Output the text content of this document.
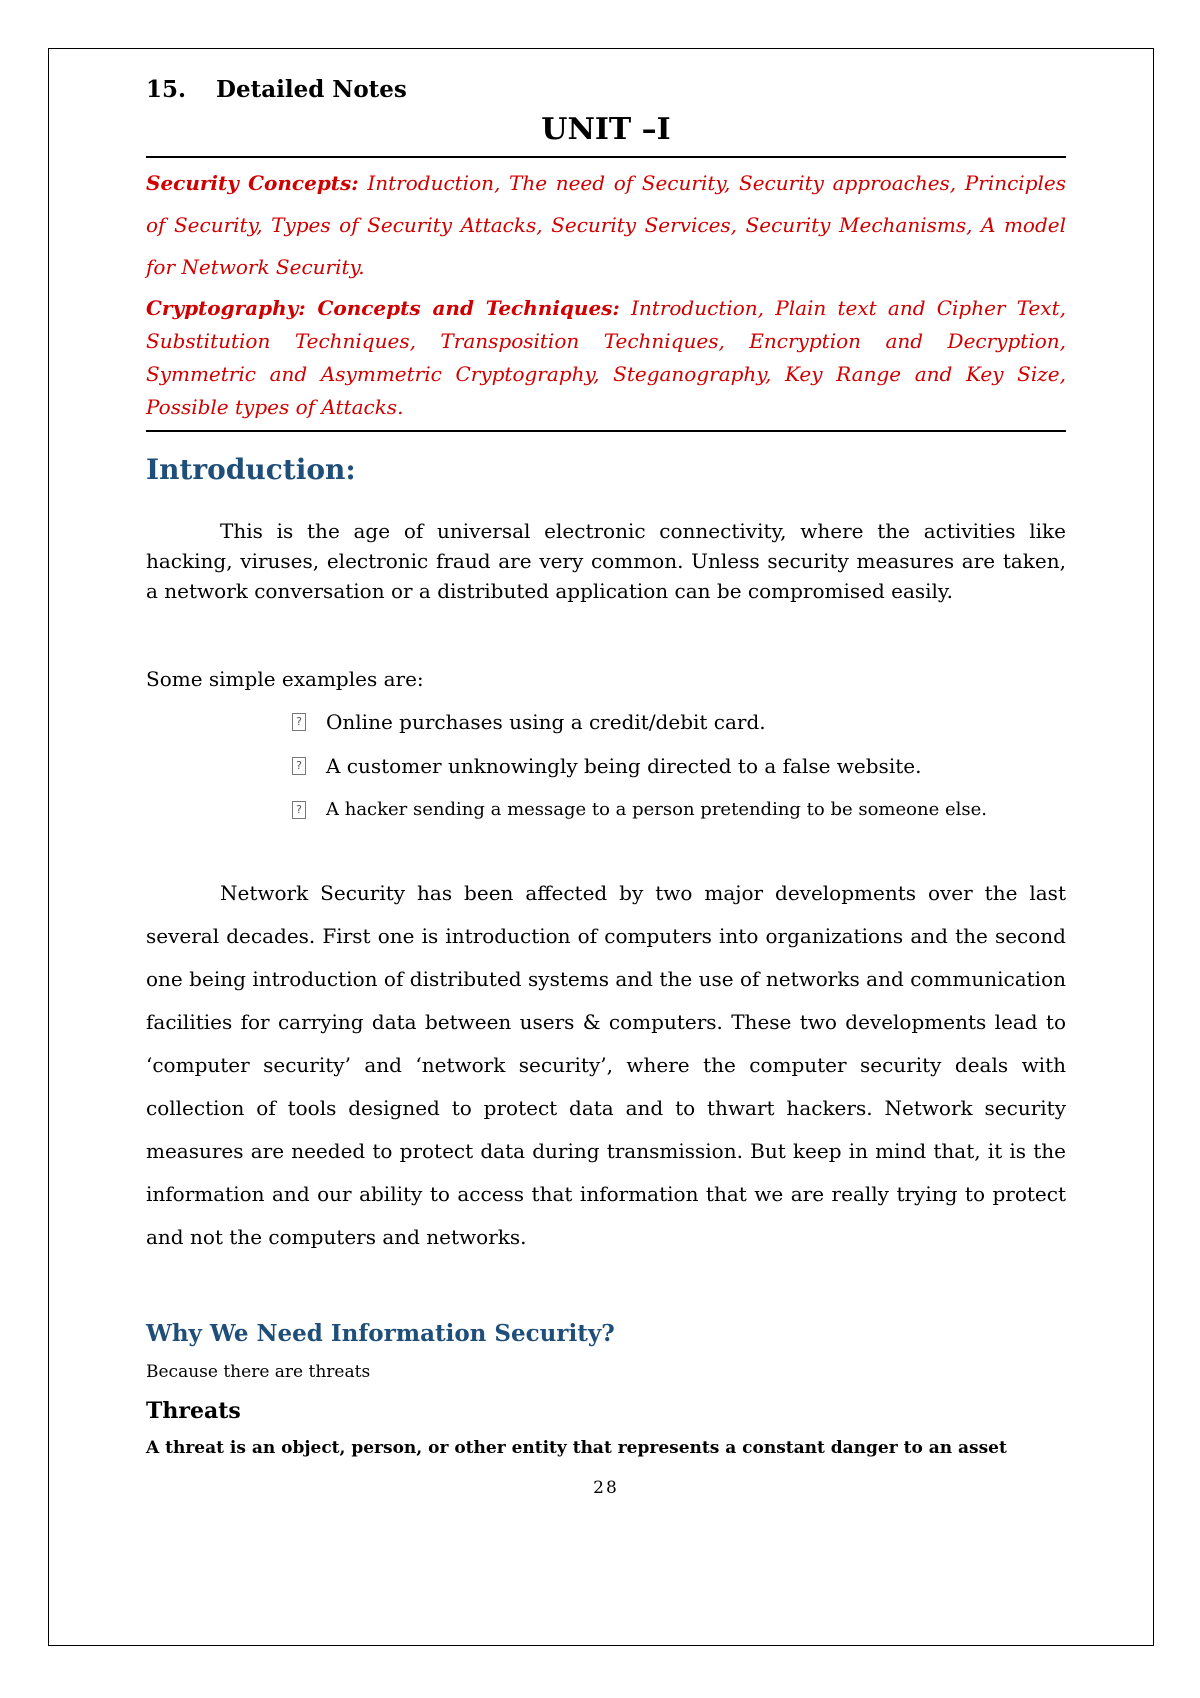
15.	Detailed Notes
UNIT –I

Security Concepts: Introduction, The need of Security, Security approaches, Principles of Security, Types of Security Attacks, Security Services, Security Mechanisms, A model for Network Security.

Cryptography: Concepts and Techniques: Introduction, Plain text and Cipher Text, Substitution Techniques, Transposition Techniques, Encryption and Decryption, Symmetric and Asymmetric Cryptography, Steganography, Key Range and Key Size, Possible types of Attacks.

Introduction:

This is the age of universal electronic connectivity, where the activities like hacking, viruses, electronic fraud are very common. Unless security measures are taken, a network conversation or a distributed application can be compromised easily.

Some simple examples are:

? Online purchases using a credit/debit card.
? A customer unknowingly being directed to a false website.
? A hacker sending a message to a person pretending to be someone else.

Network Security has been affected by two major developments over the last several decades. First one is introduction of computers into organizations and the second one being introduction of distributed systems and the use of networks and communication facilities for carrying data between users & computers. These two developments lead to ‘computer security’ and ‘network security’, where the computer security deals with collection of tools designed to protect data and to thwart hackers. Network security measures are needed to protect data during transmission. But keep in mind that, it is the information and our ability to access that information that we are really trying to protect and not the computers and networks.

Why We Need Information Security?

Because there are threats

Threats

A threat is an object, person, or other entity that represents a constant danger to an asset

28
